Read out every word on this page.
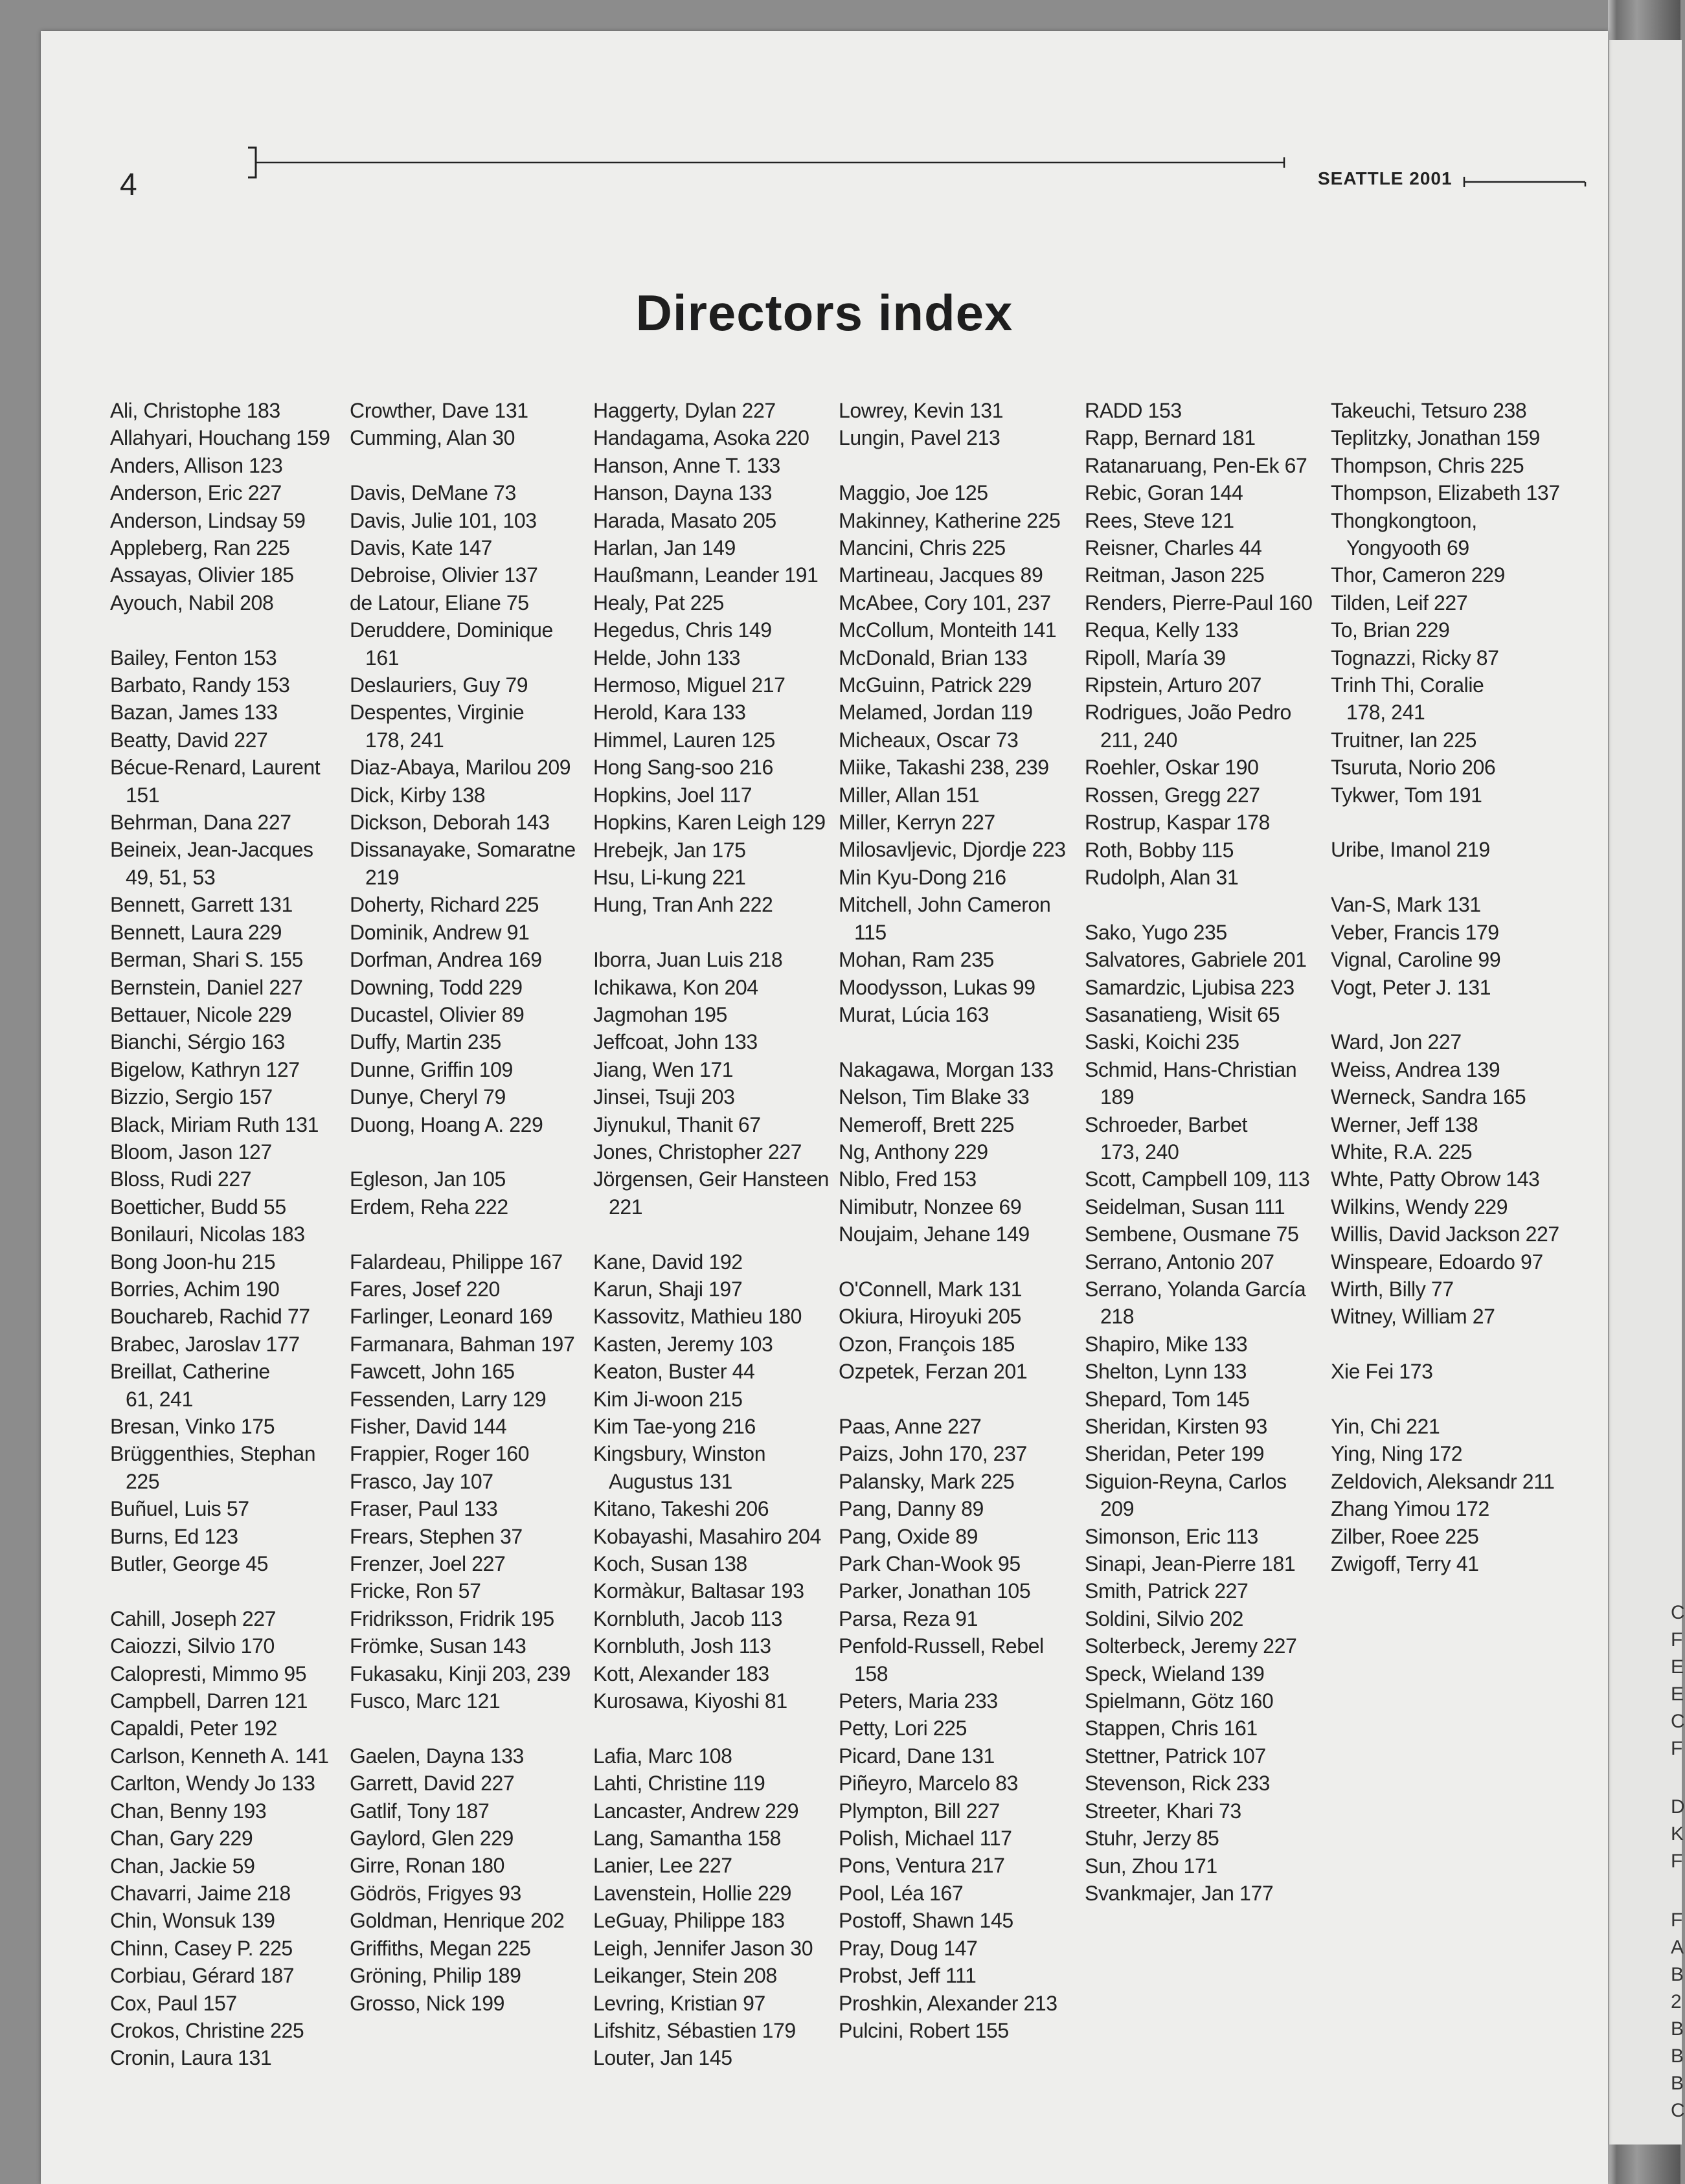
C
F
E
E
C
F
D
K
F
F
A
B
2
B
B
B
C
4	SEATTLE 2001
Directors index
Ali, Christophe 183
Allahyari, Houchang 159
Anders, Allison 123
Anderson, Eric 227
Anderson, Lindsay 59
Appleberg, Ran 225
Assayas, Olivier 185
Ayouch, Nabil 208
Bailey, Fenton 153
Barbato, Randy 153
Bazan, James 133
Beatty, David 227
Bécue-Renard, Laurent
151
Behrman, Dana 227
Beineix, Jean-Jacques
49, 51, 53
Bennett, Garrett 131
Bennett, Laura 229
Berman, Shari S. 155
Bernstein, Daniel 227
Bettauer, Nicole 229
Bianchi, Sérgio 163
Bigelow, Kathryn 127
Bizzio, Sergio 157
Black, Miriam Ruth 131
Bloom, Jason 127
Bloss, Rudi 227
Boetticher, Budd 55
Bonilauri, Nicolas 183
Bong Joon-hu 215
Borries, Achim 190
Bouchareb, Rachid 77
Brabec, Jaroslav 177
Breillat, Catherine
61, 241
Bresan, Vinko 175
Brüggenthies, Stephan
225
Buñuel, Luis 57
Burns, Ed 123
Butler, George 45
Cahill, Joseph 227
Caiozzi, Silvio 170
Calopresti, Mimmo 95
Campbell, Darren 121
Capaldi, Peter 192
Carlson, Kenneth A. 141
Carlton, Wendy Jo 133
Chan, Benny 193
Chan, Gary 229
Chan, Jackie 59
Chavarri, Jaime 218
Chin, Wonsuk 139
Chinn, Casey P. 225
Corbiau, Gérard 187
Cox, Paul 157
Crokos, Christine 225
Cronin, Laura 131
Crowther, Dave 131
Cumming, Alan 30
Davis, DeMane 73
Davis, Julie 101, 103
Davis, Kate 147
Debroise, Olivier 137
de Latour, Eliane 75
Deruddere, Dominique
161
Deslauriers, Guy 79
Despentes, Virginie
178, 241
Diaz-Abaya, Marilou 209
Dick, Kirby 138
Dickson, Deborah 143
Dissanayake, Somaratne
219
Doherty, Richard 225
Dominik, Andrew 91
Dorfman, Andrea 169
Downing, Todd 229
Ducastel, Olivier 89
Duffy, Martin 235
Dunne, Griffin 109
Dunye, Cheryl 79
Duong, Hoang A. 229
Egleson, Jan 105
Erdem, Reha 222
Falardeau, Philippe 167
Fares, Josef 220
Farlinger, Leonard 169
Farmanara, Bahman 197
Fawcett, John 165
Fessenden, Larry 129
Fisher, David 144
Frappier, Roger 160
Frasco, Jay 107
Fraser, Paul 133
Frears, Stephen 37
Frenzer, Joel 227
Fricke, Ron 57
Fridriksson, Fridrik 195
Frömke, Susan 143
Fukasaku, Kinji 203, 239
Fusco, Marc 121
Gaelen, Dayna 133
Garrett, David 227
Gatlif, Tony 187
Gaylord, Glen 229
Girre, Ronan 180
Gödrös, Frigyes 93
Goldman, Henrique 202
Griffiths, Megan 225
Gröning, Philip 189
Grosso, Nick 199
Haggerty, Dylan 227
Handagama, Asoka 220
Hanson, Anne T. 133
Hanson, Dayna 133
Harada, Masato 205
Harlan, Jan 149
Haußmann, Leander 191
Healy, Pat 225
Hegedus, Chris 149
Helde, John 133
Hermoso, Miguel 217
Herold, Kara 133
Himmel, Lauren 125
Hong Sang-soo 216
Hopkins, Joel 117
Hopkins, Karen Leigh 129
Hrebejk, Jan 175
Hsu, Li-kung 221
Hung, Tran Anh 222
Iborra, Juan Luis 218
Ichikawa, Kon 204
Jagmohan 195
Jeffcoat, John 133
Jiang, Wen 171
Jinsei, Tsuji 203
Jiynukul, Thanit 67
Jones, Christopher 227
Jörgensen, Geir Hansteen
221
Kane, David 192
Karun, Shaji 197
Kassovitz, Mathieu 180
Kasten, Jeremy 103
Keaton, Buster 44
Kim Ji-woon 215
Kim Tae-yong 216
Kingsbury, Winston
Augustus 131
Kitano, Takeshi 206
Kobayashi, Masahiro 204
Koch, Susan 138
Kormàkur, Baltasar 193
Kornbluth, Jacob 113
Kornbluth, Josh 113
Kott, Alexander 183
Kurosawa, Kiyoshi 81
Lafia, Marc 108
Lahti, Christine 119
Lancaster, Andrew 229
Lang, Samantha 158
Lanier, Lee 227
Lavenstein, Hollie 229
LeGuay, Philippe 183
Leigh, Jennifer Jason 30
Leikanger, Stein 208
Levring, Kristian 97
Lifshitz, Sébastien 179
Louter, Jan 145
Lowrey, Kevin 131
Lungin, Pavel 213
Maggio, Joe 125
Makinney, Katherine 225
Mancini, Chris 225
Martineau, Jacques 89
McAbee, Cory 101, 237
McCollum, Monteith 141
McDonald, Brian 133
McGuinn, Patrick 229
Melamed, Jordan 119
Micheaux, Oscar 73
Miike, Takashi 238, 239
Miller, Allan 151
Miller, Kerryn 227
Milosavljevic, Djordje 223
Min Kyu-Dong 216
Mitchell, John Cameron
115
Mohan, Ram 235
Moodysson, Lukas 99
Murat, Lúcia 163
Nakagawa, Morgan 133
Nelson, Tim Blake 33
Nemeroff, Brett 225
Ng, Anthony 229
Niblo, Fred 153
Nimibutr, Nonzee 69
Noujaim, Jehane 149
O'Connell, Mark 131
Okiura, Hiroyuki 205
Ozon, François 185
Ozpetek, Ferzan 201
Paas, Anne 227
Paizs, John 170, 237
Palansky, Mark 225
Pang, Danny 89
Pang, Oxide 89
Park Chan-Wook 95
Parker, Jonathan 105
Parsa, Reza 91
Penfold-Russell, Rebel
158
Peters, Maria 233
Petty, Lori 225
Picard, Dane 131
Piñeyro, Marcelo 83
Plympton, Bill 227
Polish, Michael 117
Pons, Ventura 217
Pool, Léa 167
Postoff, Shawn 145
Pray, Doug 147
Probst, Jeff 111
Proshkin, Alexander 213
Pulcini, Robert 155
RADD 153
Rapp, Bernard 181
Ratanaruang, Pen-Ek 67
Rebic, Goran 144
Rees, Steve 121
Reisner, Charles 44
Reitman, Jason 225
Renders, Pierre-Paul 160
Requa, Kelly 133
Ripoll, María 39
Ripstein, Arturo 207
Rodrigues, João Pedro
211, 240
Roehler, Oskar 190
Rossen, Gregg 227
Rostrup, Kaspar 178
Roth, Bobby 115
Rudolph, Alan 31
Sako, Yugo 235
Salvatores, Gabriele 201
Samardzic, Ljubisa 223
Sasanatieng, Wisit 65
Saski, Koichi 235
Schmid, Hans-Christian
189
Schroeder, Barbet
173, 240
Scott, Campbell 109, 113
Seidelman, Susan 111
Sembene, Ousmane 75
Serrano, Antonio 207
Serrano, Yolanda García
218
Shapiro, Mike 133
Shelton, Lynn 133
Shepard, Tom 145
Sheridan, Kirsten 93
Sheridan, Peter 199
Siguion-Reyna, Carlos
209
Simonson, Eric 113
Sinapi, Jean-Pierre 181
Smith, Patrick 227
Soldini, Silvio 202
Solterbeck, Jeremy 227
Speck, Wieland 139
Spielmann, Götz 160
Stappen, Chris 161
Stettner, Patrick 107
Stevenson, Rick 233
Streeter, Khari 73
Stuhr, Jerzy 85
Sun, Zhou 171
Svankmajer, Jan 177
Takeuchi, Tetsuro 238
Teplitzky, Jonathan 159
Thompson, Chris 225
Thompson, Elizabeth 137
Thongkongtoon,
Yongyooth 69
Thor, Cameron 229
Tilden, Leif 227
To, Brian 229
Tognazzi, Ricky 87
Trinh Thi, Coralie
178, 241
Truitner, Ian 225
Tsuruta, Norio 206
Tykwer, Tom 191
Uribe, Imanol 219
Van-S, Mark 131
Veber, Francis 179
Vignal, Caroline 99
Vogt, Peter J. 131
Ward, Jon 227
Weiss, Andrea 139
Werneck, Sandra 165
Werner, Jeff 138
White, R.A. 225
Whte, Patty Obrow 143
Wilkins, Wendy 229
Willis, David Jackson 227
Winspeare, Edoardo 97
Wirth, Billy 77
Witney, William 27
Xie Fei 173
Yin, Chi 221
Ying, Ning 172
Zeldovich, Aleksandr 211
Zhang Yimou 172
Zilber, Roee 225
Zwigoff, Terry 41
